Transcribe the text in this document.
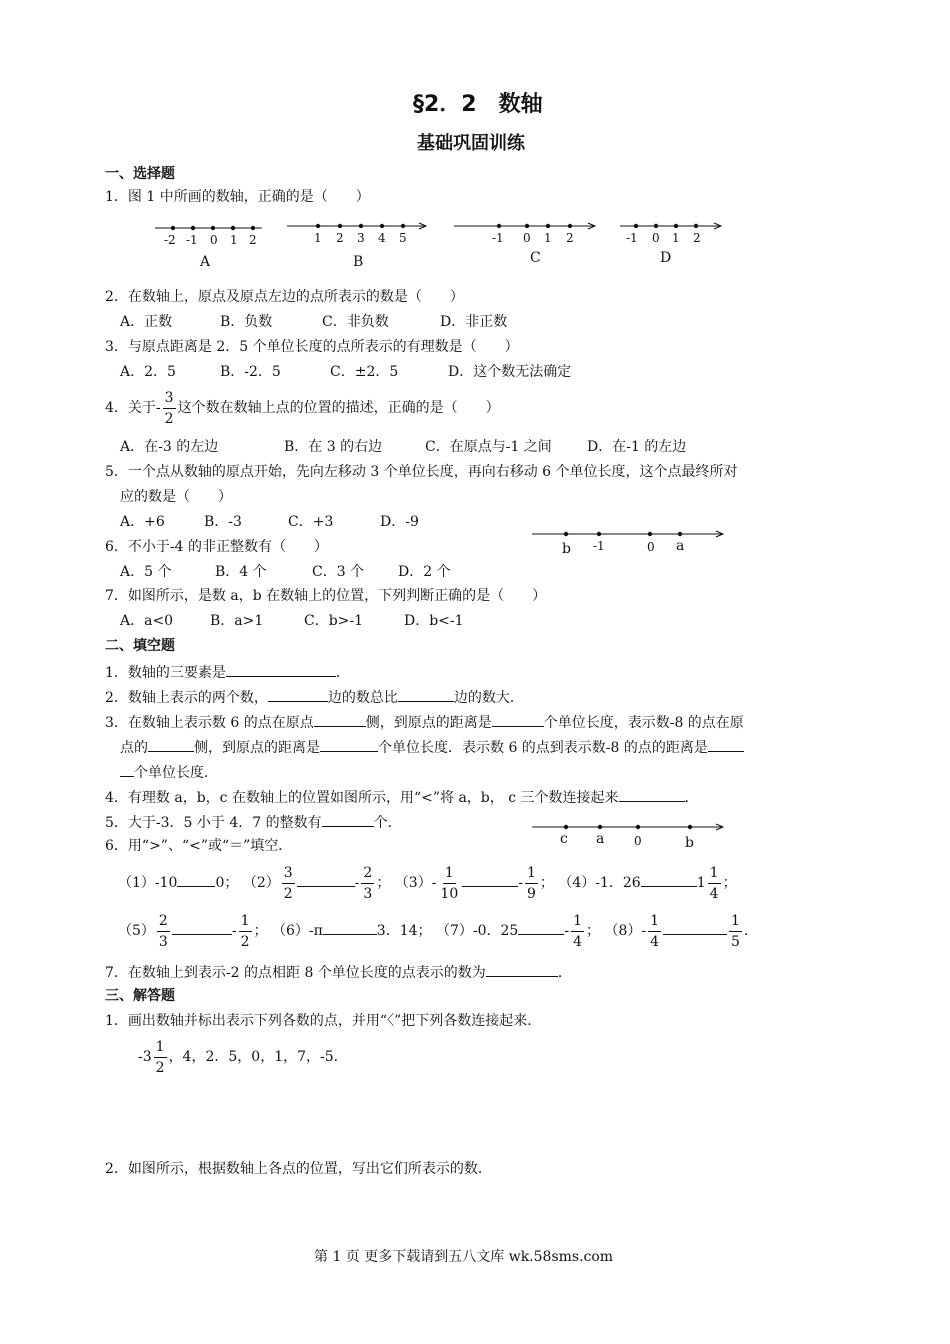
§2．2　数轴
基础巩固训练
一、选择题
1．图 1 中所画的数轴，正确的是（　　）
-2 -1 0 1 2
A
1 2 3 4 5
B
-1 0 1 2
C
-1 0 1 2
D
2．在数轴上，原点及原点左边的点所表示的数是（　　）
A．正数	B．负数	C．非负数	D．非正数
3．与原点距离是 2．5 个单位长度的点所表示的有理数是（　　）
A．2．5	B．-2．5	C．±2．5	D．这个数无法确定
4．关于- $\frac{3}{2}$ 这个数在数轴上点的位置的描述，正确的是（　　）
A．在-3 的左边	B．在 3 的右边	C．在原点与-1 之间	D．在-1 的左边
5．一个点从数轴的原点开始，先向左移动 3 个单位长度，再向右移动 6 个单位长度，这个点最终所对
应的数是（　　）
A．+6	B．-3	C．+3	D．-9
b -1	0 a
6．不小于-4 的非正整数有（　　）
A．5 个	B．4 个	C．3 个 D．2 个
7．如图所示，是数 a，b 在数轴上的位置，下列判断正确的是（　　）
A．a<0	B．a>1	C．b>-1	D．b<-1
二、填空题
1．数轴的三要素是	．
2．数轴上表示的两个数，	边的数总比	边的数大．
3．在数轴上表示数 6 的点在原点	侧，到原点的距离是	个单位长度，表示数-8 的点在原
点的	侧，到原点的距离是	个单位长度．表示数 6 的点到表示数-8 的点的距离是
个单位长度．
4．有理数 a，b，c 在数轴上的位置如图所示，用“<”将 a，b， c 三个数连接起来	．
c a 0	b
5．大于-3．5 小于 4．7 的整数有	个．
6．用“>”、“<”或“＝”填空．
（1）-10	0； $(2) \frac{3}{2}$	- $\frac{2}{3}$ ； $(3)- \frac{1}{10}$	- $\frac{1}{9}$ ； （4）-1．26	$1 \frac{1}{4}$ ；
$(5) \frac{2}{3}$	- $\frac{1}{2}$ ； （6）-π	3．14； （7）-0．25	- $\frac{1}{4}$ ； $(8)- \frac{1}{4}$	$\frac{1}{5}$ ．
7．在数轴上到表示-2 的点相距 8 个单位长度的点表示的数为	．
三、解答题
1．画出数轴并标出表示下列各数的点，并用“〈”把下列各数连接起来．
$-3 \frac{1}{2}$ ，4，2．5，0，1，7，-5．
2．如图所示，根据数轴上各点的位置，写出它们所表示的数．
第 1 页 更多下载请到五八文库 wk.58sms.com
